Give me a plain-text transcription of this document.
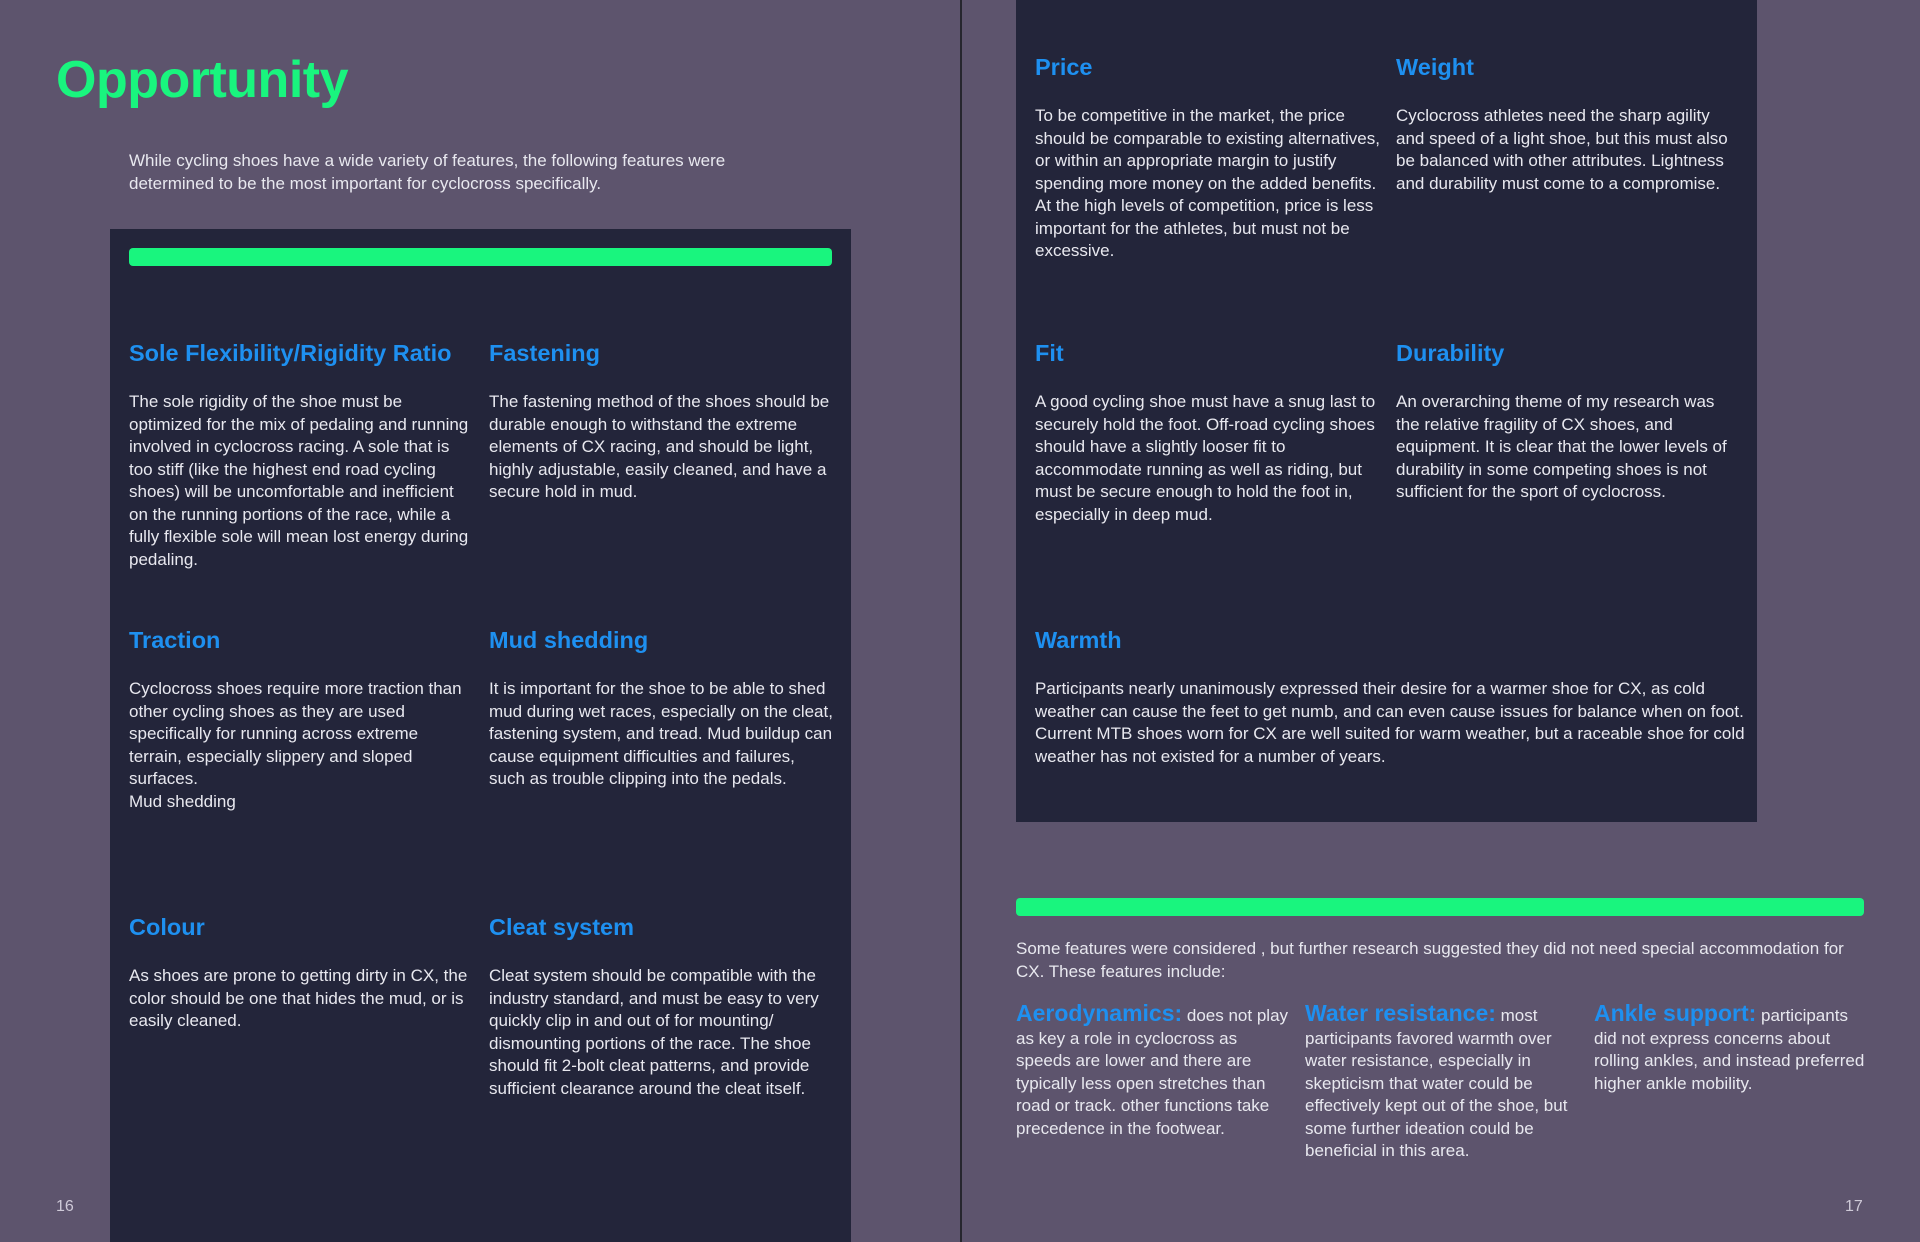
Opportunity

While cycling shoes have a wide variety of features, the following features were determined to be the most important for cyclocross specifically.

Sole Flexibility/Rigidity Ratio

The sole rigidity of the shoe must be optimized for the mix of pedaling and running involved in cyclocross racing. A sole that is too stiff (like the highest end road cycling shoes) will be uncomfortable and inefficient on the running portions of the race, while a fully flexible sole will mean lost energy during pedaling.

Fastening

The fastening method of the shoes should be durable enough to withstand the extreme elements of CX racing, and should be light, highly adjustable, easily cleaned, and have a secure hold in mud.

Traction

Cyclocross shoes require more traction than other cycling shoes as they are used specifically for running across extreme terrain, especially slippery and sloped surfaces.
Mud shedding

Mud shedding

It is important for the shoe to be able to shed mud during wet races, especially on the cleat, fastening system, and tread. Mud buildup can cause equipment difficulties and failures, such as trouble clipping into the pedals.

Colour

As shoes are prone to getting dirty in CX, the color should be one that hides the mud, or is easily cleaned.

Cleat system

Cleat system should be compatible with the industry standard, and must be easy to very quickly clip in and out of for mounting/ dismounting portions of the race. The shoe should fit 2-bolt cleat patterns, and provide sufficient clearance around the cleat itself.

16
Price

To be competitive in the market, the price should be comparable to existing alternatives, or within an appropriate margin to justify spending more money on the added benefits. At the high levels of competition, price is less important for the athletes, but must not be excessive.

Weight

Cyclocross athletes need the sharp agility and speed of a light shoe, but this must also be balanced with other attributes. Lightness and durability must come to a compromise.

Fit

A good cycling shoe must have a snug last to securely hold the foot. Off-road cycling shoes should have a slightly looser fit to accommodate running as well as riding, but must be secure enough to hold the foot in, especially in deep mud.

Durability

An overarching theme of my research was the relative fragility of CX shoes, and equipment. It is clear that the lower levels of durability in some competing shoes is not sufficient for the sport of cyclocross.

Warmth

Participants nearly unanimously expressed their desire for a warmer shoe for CX, as cold weather can cause the feet to get numb, and can even cause issues for balance when on foot. Current MTB shoes worn for CX are well suited for warm weather, but a raceable shoe for cold weather has not existed for a number of years.

Some features were considered , but further research suggested they did not need special accommodation for CX. These features include:

Aerodynamics: does not play as key a role in cyclocross as speeds are lower and there are typically less open stretches than road or track. other functions take precedence in the footwear.
Water resistance: most participants favored warmth over water resistance, especially in skepticism that water could be effectively kept out of the shoe, but some further ideation could be beneficial in this area.
Ankle support: participants did not express concerns about rolling ankles, and instead preferred higher ankle mobility.
17
